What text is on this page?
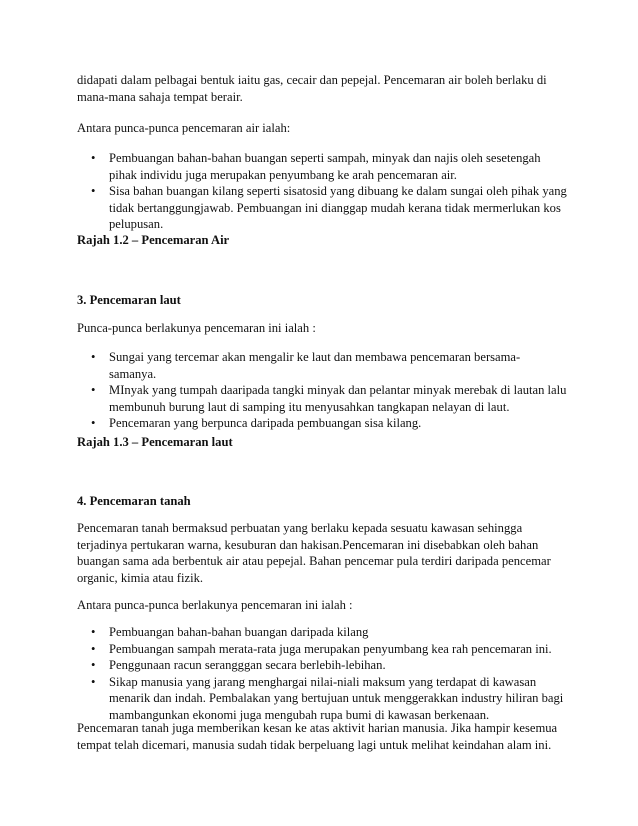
didapati dalam pelbagai bentuk iaitu gas, cecair dan pepejal. Pencemaran air boleh berlaku di
mana-mana sahaja tempat berair.
Antara punca-punca pencemaran air ialah:
• Pembuangan bahan-bahan buangan seperti sampah, minyak dan najis oleh sesetengah pihak individu juga merupakan penyumbang ke arah pencemaran air.
• Sisa bahan buangan kilang seperti sisatosid yang dibuang ke dalam sungai oleh pihak yang tidak bertanggungjawab. Pembuangan ini dianggap mudah kerana tidak mermerlukan kos pelupusan.
Rajah 1.2 – Pencemaran Air
3. Pencemaran laut
Punca-punca berlakunya pencemaran ini ialah :
• Sungai yang tercemar akan mengalir ke laut dan membawa pencemaran bersama-samanya.
• MInyak yang tumpah daaripada tangki minyak dan pelantar minyak merebak di lautan lalu membunuh burung laut di samping itu menyusahkan tangkapan nelayan di laut.
• Pencemaran yang berpunca daripada pembuangan sisa kilang.
Rajah 1.3 – Pencemaran laut
4. Pencemaran tanah
Pencemaran tanah bermaksud perbuatan yang berlaku kepada sesuatu kawasan sehingga terjadinya pertukaran warna, kesuburan dan hakisan.Pencemaran ini disebabkan oleh bahan buangan sama ada berbentuk air atau pepejal. Bahan pencemar pula terdiri daripada pencemar organic, kimia atau fizik.
Antara punca-punca berlakunya pencemaran ini ialah :
• Pembuangan bahan-bahan buangan daripada kilang
• Pembuangan sampah merata-rata juga merupakan penyumbang kea rah pencemaran ini.
• Penggunaan racun serangggan secara berlebih-lebihan.
• Sikap manusia yang jarang menghargai nilai-niali maksum yang terdapat di kawasan menarik dan indah. Pembalakan yang bertujuan untuk menggerakkan industry hiliran bagi mambangunkan ekonomi juga mengubah rupa bumi di kawasan berkenaan.
Pencemaran tanah juga memberikan kesan ke atas aktivit harian manusia. Jika hampir kesemua tempat telah dicemari, manusia sudah tidak berpeluang lagi untuk melihat keindahan alam ini.
